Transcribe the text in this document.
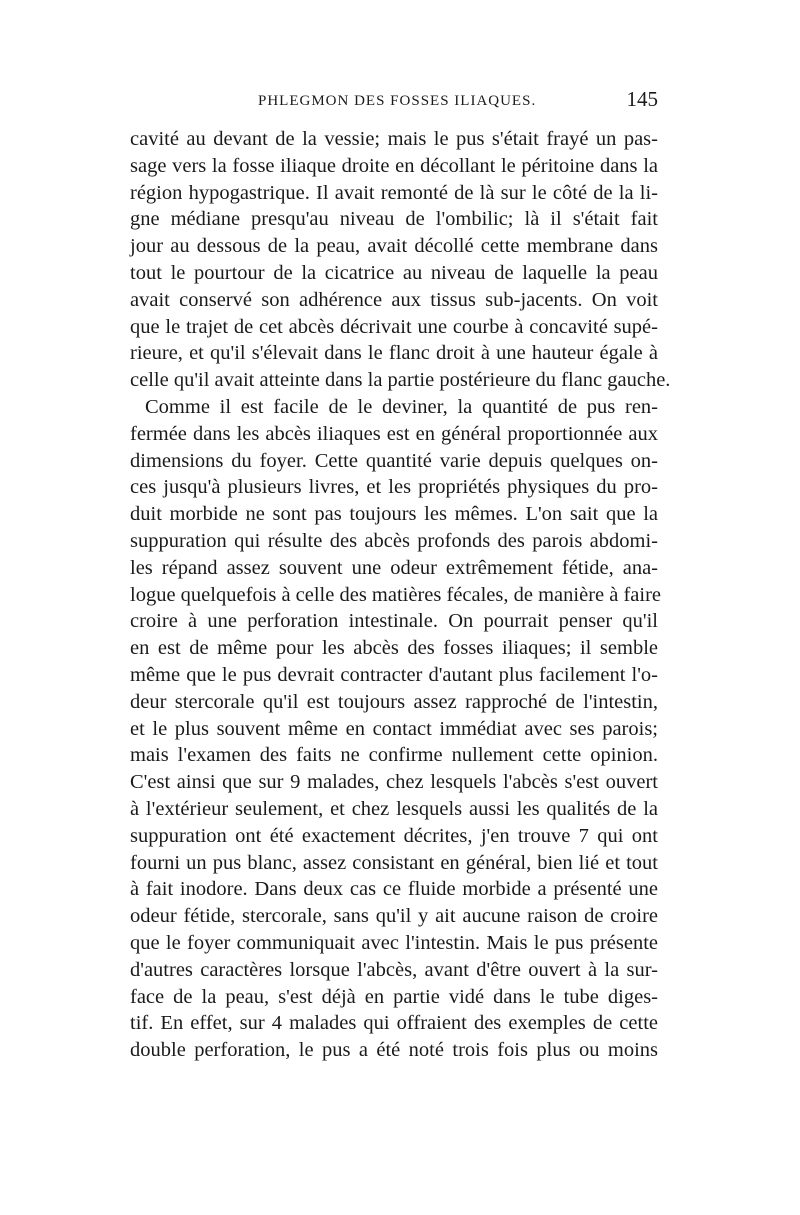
PHLEGMON DES FOSSES ILIAQUES.	145
cavité au devant de la vessie; mais le pus s'était frayé un pas-
sage vers la fosse iliaque droite en décollant le péritoine dans la
région hypogastrique. Il avait remonté de là sur le côté de la li-
gne médiane presqu'au niveau de l'ombilic; là il s'était fait
jour au dessous de la peau, avait décollé cette membrane dans
tout le pourtour de la cicatrice au niveau de laquelle la peau
avait conservé son adhérence aux tissus sub-jacents. On voit
que le trajet de cet abcès décrivait une courbe à concavité supé-
rieure, et qu'il s'élevait dans le flanc droit à une hauteur égale à
celle qu'il avait atteinte dans la partie postérieure du flanc gauche.
Comme il est facile de le deviner, la quantité de pus ren-
fermée dans les abcès iliaques est en général proportionnée aux
dimensions du foyer. Cette quantité varie depuis quelques on-
ces jusqu'à plusieurs livres, et les propriétés physiques du pro-
duit morbide ne sont pas toujours les mêmes. L'on sait que la
suppuration qui résulte des abcès profonds des parois abdomi-
les répand assez souvent une odeur extrêmement fétide, ana-
logue quelquefois à celle des matières fécales, de manière à faire
croire à une perforation intestinale. On pourrait penser qu'il
en est de même pour les abcès des fosses iliaques; il semble
même que le pus devrait contracter d'autant plus facilement l'o-
deur stercorale qu'il est toujours assez rapproché de l'intestin,
et le plus souvent même en contact immédiat avec ses parois;
mais l'examen des faits ne confirme nullement cette opinion.
C'est ainsi que sur 9 malades, chez lesquels l'abcès s'est ouvert
à l'extérieur seulement, et chez lesquels aussi les qualités de la
suppuration ont été exactement décrites, j'en trouve 7 qui ont
fourni un pus blanc, assez consistant en général, bien lié et tout
à fait inodore. Dans deux cas ce fluide morbide a présenté une
odeur fétide, stercorale, sans qu'il y ait aucune raison de croire
que le foyer communiquait avec l'intestin. Mais le pus présente
d'autres caractères lorsque l'abcès, avant d'être ouvert à la sur-
face de la peau, s'est déjà en partie vidé dans le tube diges-
tif. En effet, sur 4 malades qui offraient des exemples de cette
double perforation, le pus a été noté trois fois plus ou moins
